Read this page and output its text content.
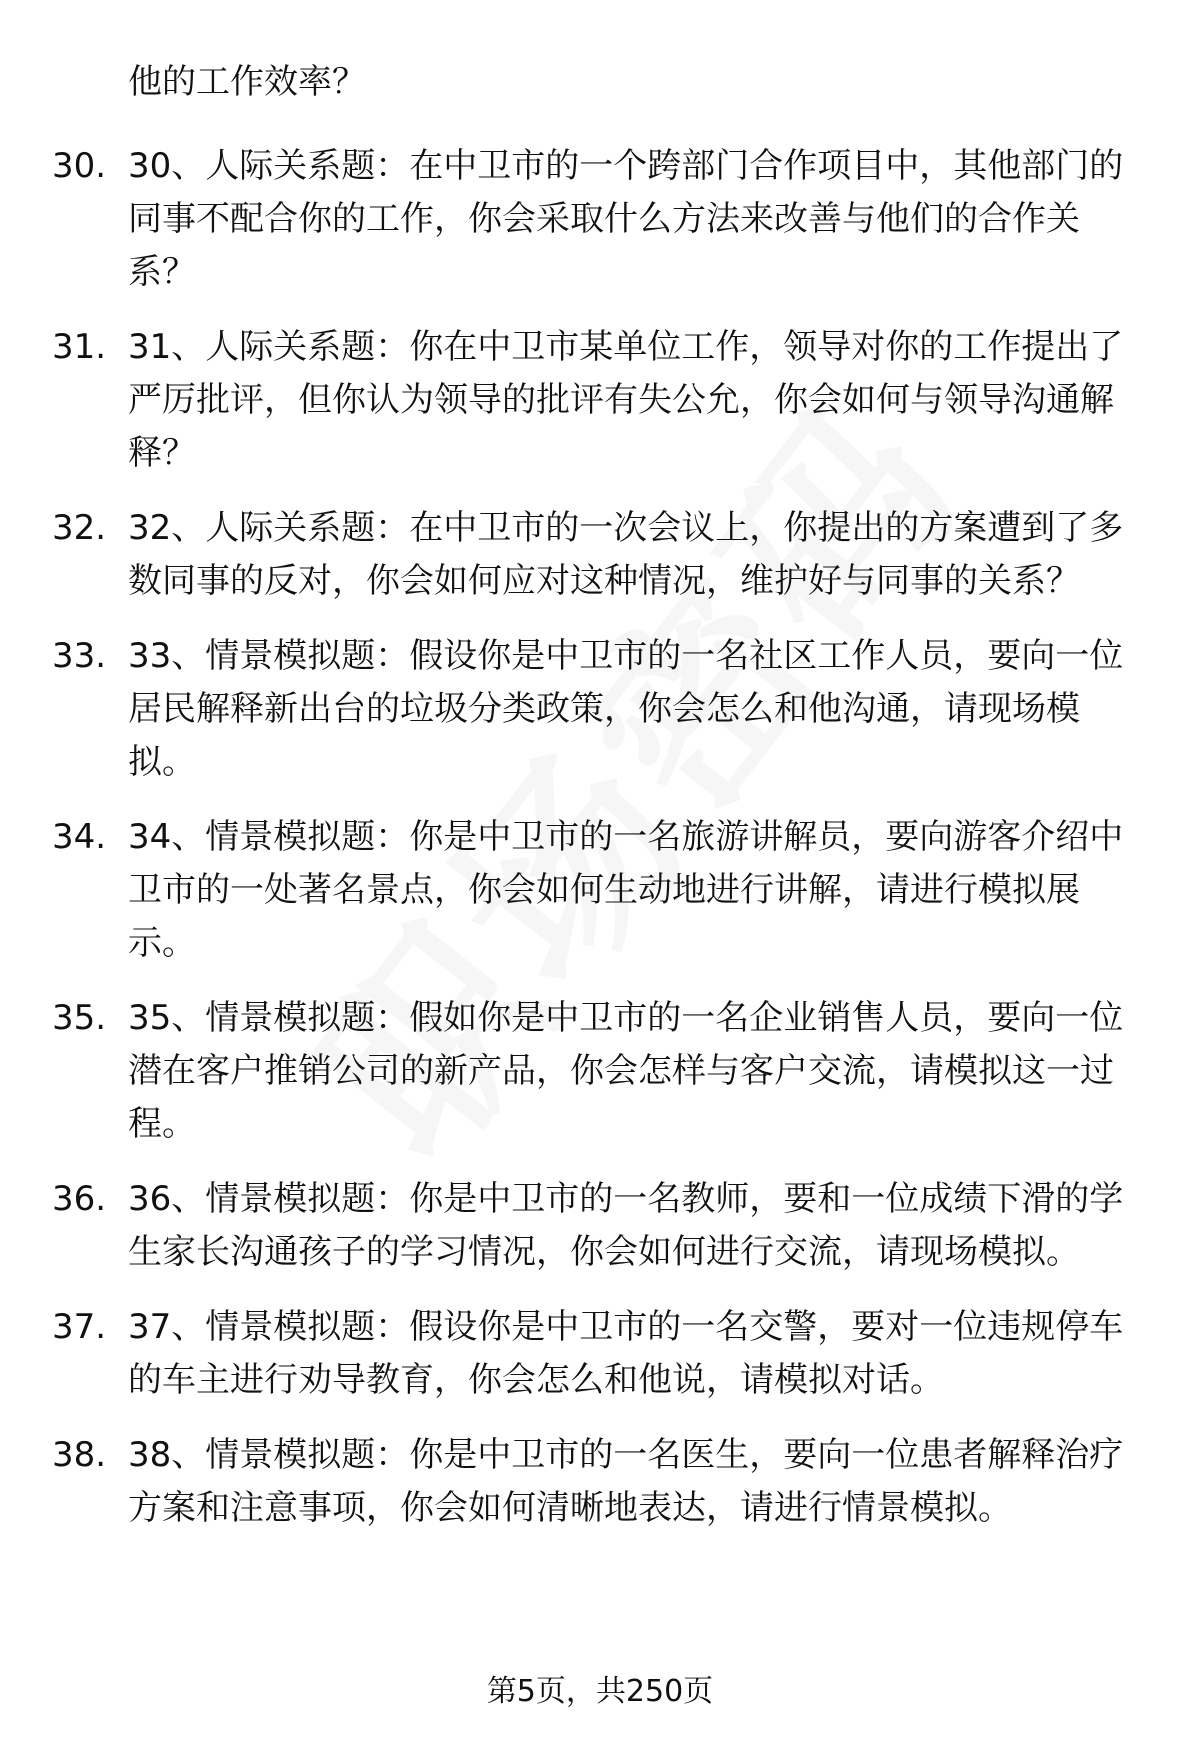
他的工作效率？
30. 30、人际关系题：在中卫市的一个跨部门合作项目中，其他部门的同事不配合你的工作，你会采取什么方法来改善与他们的合作关系？
31. 31、人际关系题：你在中卫市某单位工作，领导对你的工作提出了严厉批评，但你认为领导的批评有失公允，你会如何与领导沟通解释？
32. 32、人际关系题：在中卫市的一次会议上，你提出的方案遭到了多数同事的反对，你会如何应对这种情况，维护好与同事的关系？
33. 33、情景模拟题：假设你是中卫市的一名社区工作人员，要向一位居民解释新出台的垃圾分类政策，你会怎么和他沟通，请现场模拟。
34. 34、情景模拟题：你是中卫市的一名旅游讲解员，要向游客介绍中卫市的一处著名景点，你会如何生动地进行讲解，请进行模拟展示。
35. 35、情景模拟题：假如你是中卫市的一名企业销售人员，要向一位潜在客户推销公司的新产品，你会怎样与客户交流，请模拟这一过程。
36. 36、情景模拟题：你是中卫市的一名教师，要和一位成绩下滑的学生家长沟通孩子的学习情况，你会如何进行交流，请现场模拟。
37. 37、情景模拟题：假设你是中卫市的一名交警，要对一位违规停车的车主进行劝导教育，你会怎么和他说，请模拟对话。
38. 38、情景模拟题：你是中卫市的一名医生，要向一位患者解释治疗方案和注意事项，你会如何清晰地表达，请进行情景模拟。
第5页，共250页
